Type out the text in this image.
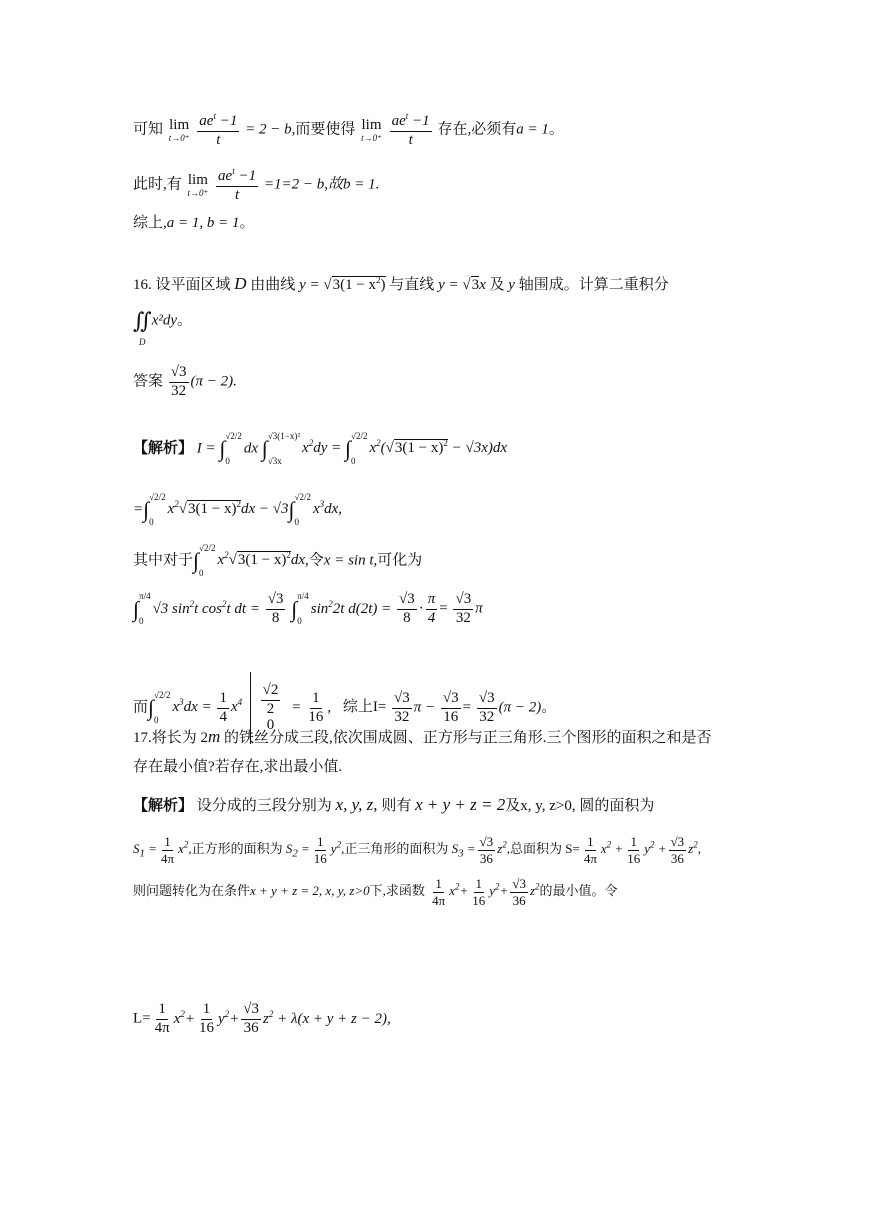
可知 lim
t→0⁺
$\frac{ae^t -1}{t} = 2 - b$,而要使得 lim
t→0⁺
$\frac{ae^t -1}{t}$ 存在,必须有a = 1。
此时,有 lim
t→0⁺
$\frac{ae^t -1}{t} =1=2 - b$,故b = 1.
综上,a = 1, b = 1。
16. 设平面区域 D 由曲线 $y = √3(1 - x^2)$ 与直线 y = √3x 及 y 轴围成。计算二重积分
∬x²dy。
D
答案 $\frac{√3}{32} (\pi - 2)$.
【解析】 I = ∫ √2/2
0
dx ∫ √3(1−x)²
√3x
$x^2dy$ = ∫ √2/2
0
$x^2(√3(1 - x)^2 - √3x)dx$
=∫ √2/2
0
$x^2√3(1 - x)^2dx - √3\int$ √2/2
0
$x^3dx$,
其中对于∫ √2/2
0
$x^2√3(1 - x)^2dx$,令x = sin t,可化为
∫ π/4
0
√3 $\sin^2t$ $\cos^2t$ dt = $\frac{√3}{8}$ ∫ π/4
0
$\sin^22t$ $d(2t) = \frac{√3}{8} \cdot \frac{\pi}{4} = \frac{√3}{32}$ π
而∫ √2/2
0
$x^3dx = \frac{1}{4} x^4 \frac{√2}{2}$
0
= $\frac{1}{16}$ , 综上$I= \frac{√3}{32}$ $\pi - \frac{√3}{16} = \frac{√3}{32} (\pi - 2)$。
17.将长为 2m 的铁丝分成三段,依次围成圆、正方形与正三角形.三个图形的面积之和是否
存在最小值?若存在,求出最小值.
【解析】 设分成的三段分别为 x, y, z, 则有 x + y + z = 2及x, y, z>0, 圆的面积为
$S_1 = \frac{1}{4\pi} x^2$,正方形的面积为 $S_2 = \frac{1}{16} y^2$,正三角形的面积为 $S_3 = \frac{√3}{36} z^2$,总面积为 $S= \frac{1}{4\pi} x^2 + \frac{1}{16} y^2 + \frac{√3}{36} z^2$,
则问题转化为在条件x + y + z = 2, x, y, z>0下,求函数 $\frac{1}{4\pi} x^2+ \frac{1}{16} y^2+ \frac{√3}{36} z^2$的最小值。令
$L= \frac{1}{4\pi} x^2+ \frac{1}{16} y^2+ \frac{√3}{36} z^2 + \lambda(x + y + z - 2)$,
